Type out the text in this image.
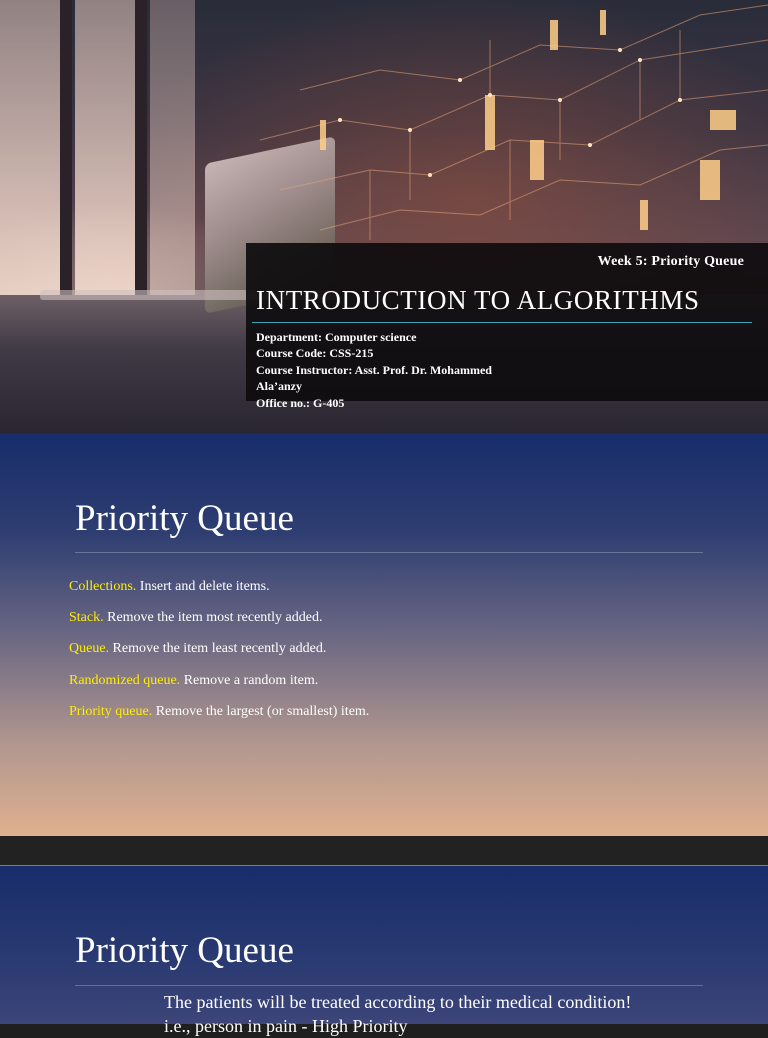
Week 5: Priority Queue
INTRODUCTION TO ALGORITHMS
Department: Computer science
Course Code: CSS-215
Course Instructor: Asst. Prof. Dr. Mohammed
Ala’anzy
Office no.: G-405
Priority Queue
Collections. Insert and delete items.
Stack. Remove the item most recently added.
Queue. Remove the item least recently added.
Randomized queue. Remove a random item.
Priority queue. Remove the largest (or smallest) item.
Priority Queue
The patients will be treated according to their medical condition!
i.e., person in pain - High Priority
